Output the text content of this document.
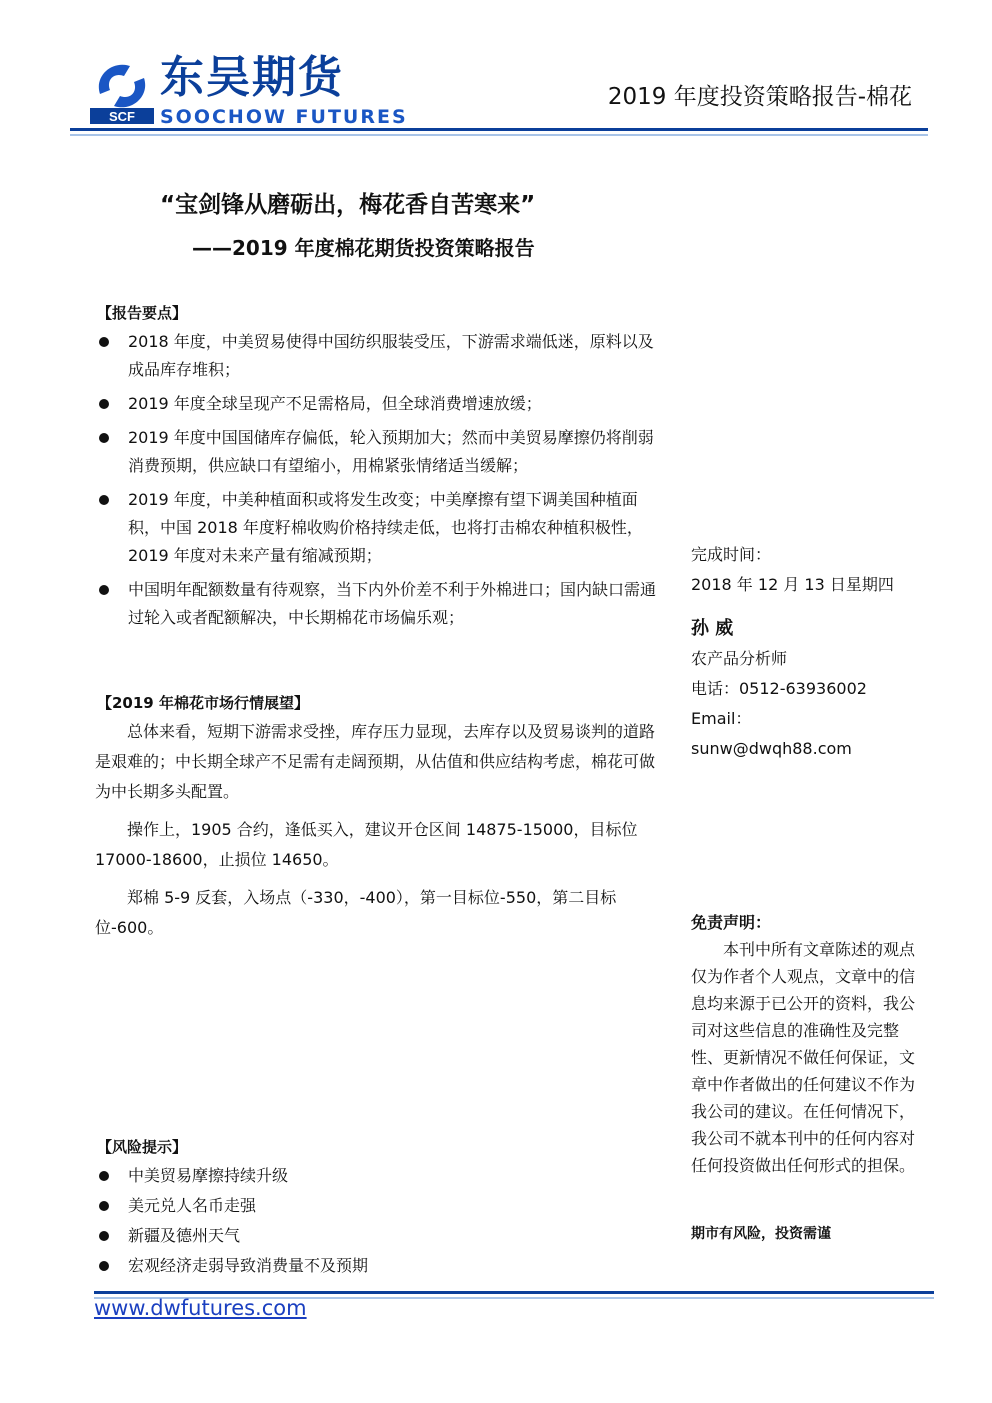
SCF
东吴期货
SOOCHOW FUTURES
2019 年度投资策略报告-棉花
“宝剑锋从磨砺出，梅花香自苦寒来”
——2019 年度棉花期货投资策略报告
【报告要点】
2018 年度，中美贸易使得中国纺织服装受压，下游需求端低迷，原料以及成品库存堆积；
2019 年度全球呈现产不足需格局，但全球消费增速放缓；
2019 年度中国国储库存偏低，轮入预期加大；然而中美贸易摩擦仍将削弱消费预期，供应缺口有望缩小，用棉紧张情绪适当缓解；
2019 年度，中美种植面积或将发生改变；中美摩擦有望下调美国种植面积，中国 2018 年度籽棉收购价格持续走低，也将打击棉农种植积极性，2019 年度对未来产量有缩减预期；
中国明年配额数量有待观察，当下内外价差不利于外棉进口；国内缺口需通过轮入或者配额解决，中长期棉花市场偏乐观；
【2019 年棉花市场行情展望】

总体来看，短期下游需求受挫，库存压力显现，去库存以及贸易谈判的道路是艰难的；中长期全球产不足需有走阔预期，从估值和供应结构考虑，棉花可做为中长期多头配置。

操作上，1905 合约，逢低买入，建议开仓区间 14875-15000，目标位 17000-18600，止损位 14650。

郑棉 5-9 反套，入场点（-330，-400），第一目标位-550，第二目标位-600。

【风险提示】
中美贸易摩擦持续升级
美元兑人名币走强
新疆及德州天气
宏观经济走弱导致消费量不及预期
完成时间：
2018 年 12 月 13 日星期四
孙 威
农产品分析师
电话：0512-63936002
Email：
sunw@dwqh88.com
免责声明：

本刊中所有文章陈述的观点仅为作者个人观点，文章中的信息均来源于已公开的资料，我公司对这些信息的准确性及完整性、更新情况不做任何保证，文章中作者做出的任何建议不作为我公司的建议。在任何情况下，我公司不就本刊中的任何内容对任何投资做出任何形式的担保。

期市有风险，投资需谨
www.dwfutures.com
